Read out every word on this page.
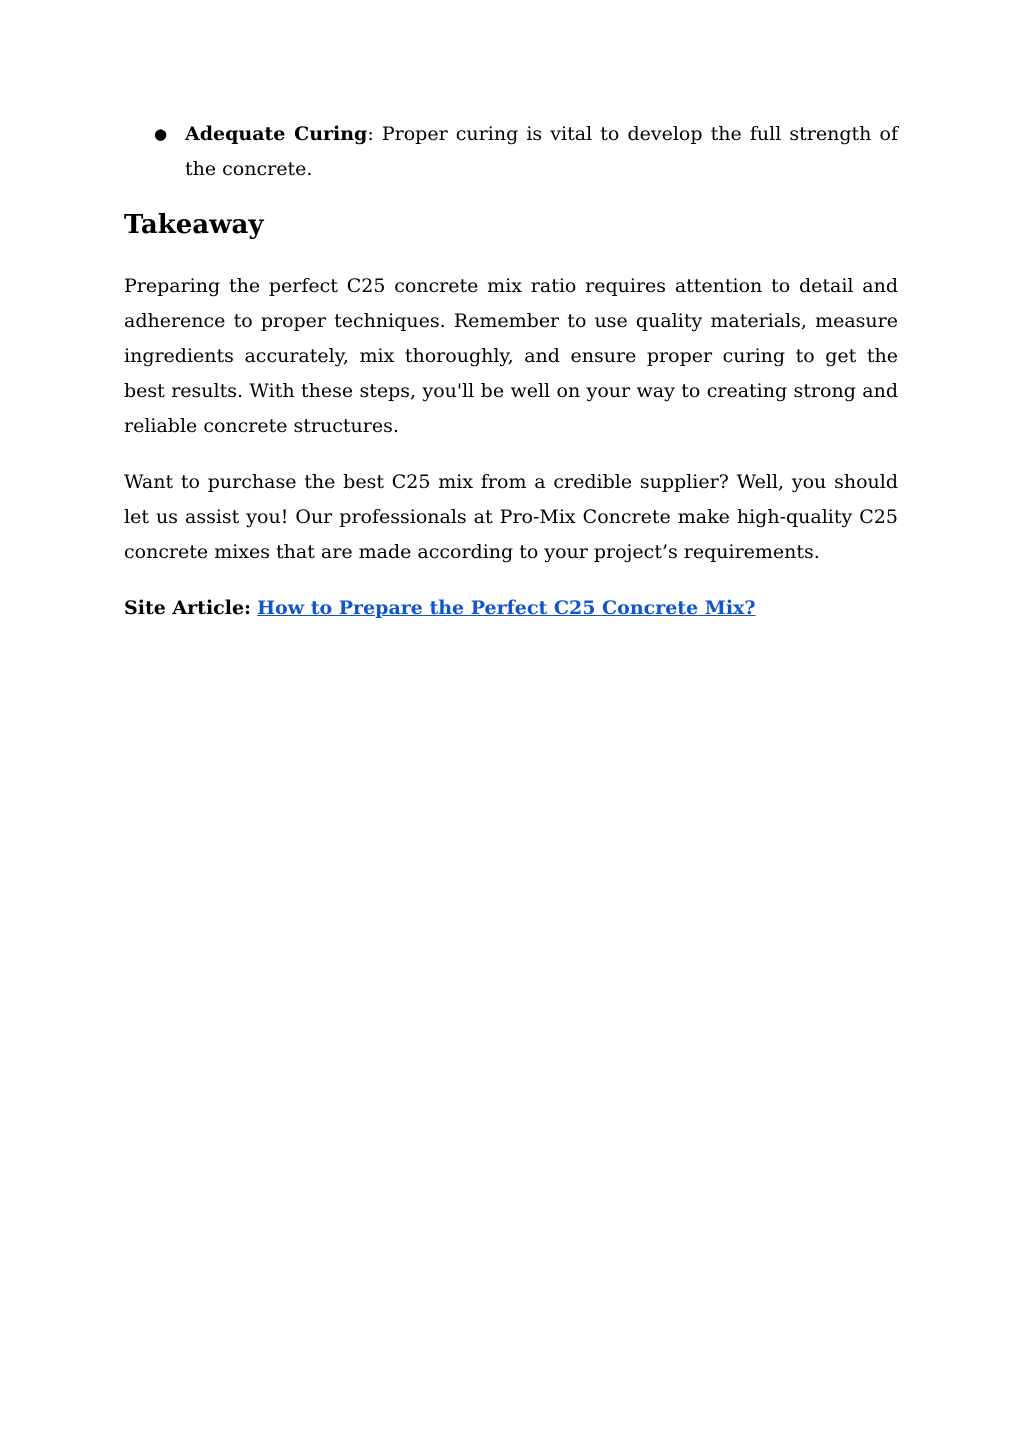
● Adequate Curing: Proper curing is vital to develop the full strength of the concrete.
Takeaway

Preparing the perfect C25 concrete mix ratio requires attention to detail and adherence to proper techniques. Remember to use quality materials, measure ingredients accurately, mix thoroughly, and ensure proper curing to get the best results. With these steps, you'll be well on your way to creating strong and reliable concrete structures.

Want to purchase the best C25 mix from a credible supplier? Well, you should let us assist you! Our professionals at Pro-Mix Concrete make high-quality C25 concrete mixes that are made according to your project’s requirements.

Site Article: How to Prepare the Perfect C25 Concrete Mix?
